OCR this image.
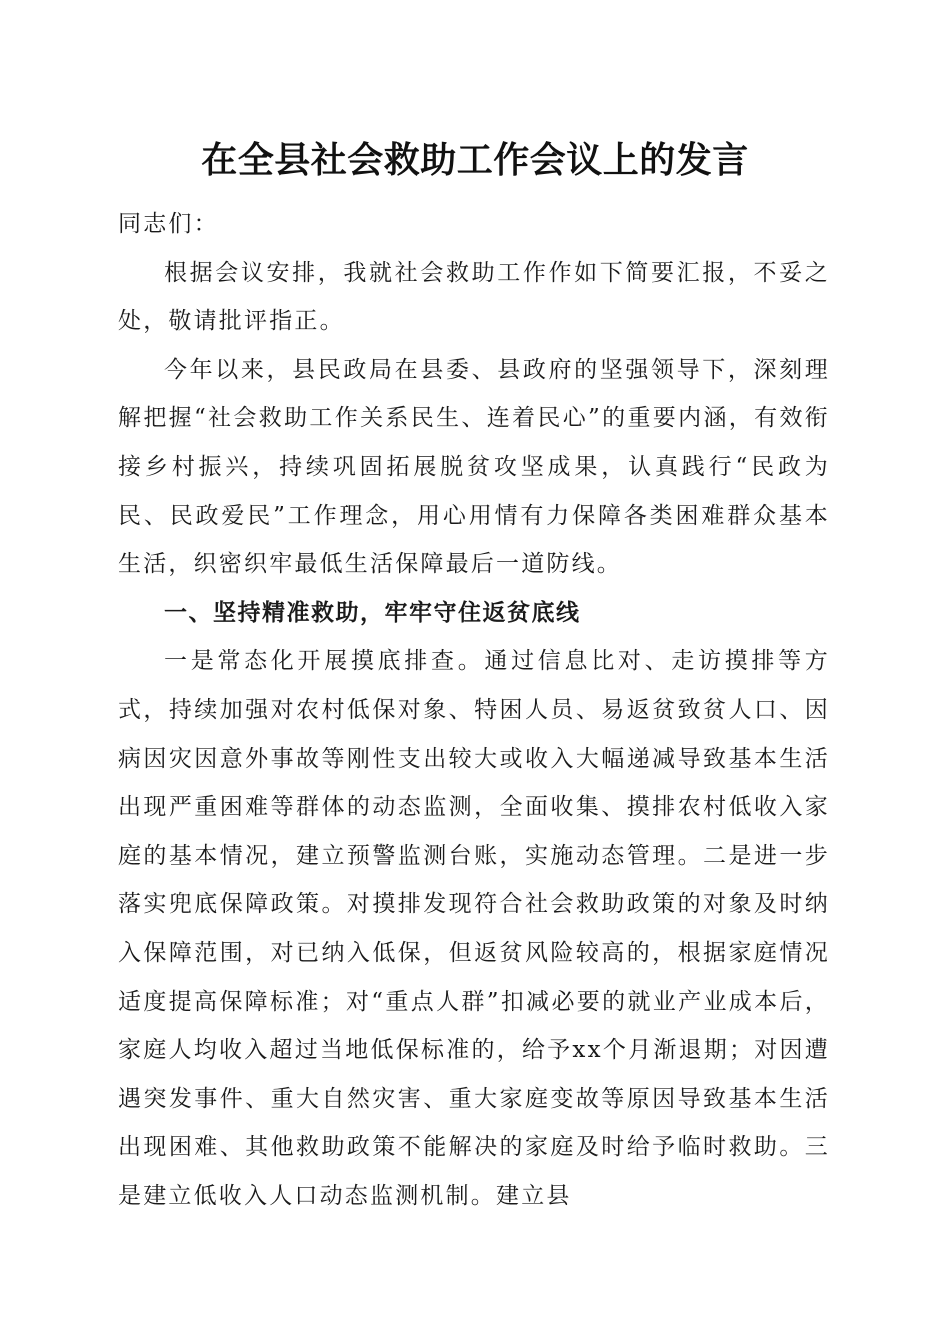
在全县社会救助工作会议上的发言

同志们：

根据会议安排，我就社会救助工作作如下简要汇报，不妥之处，敬请批评指正。

今年以来，县民政局在县委、县政府的坚强领导下，深刻理解把握“社会救助工作关系民生、连着民心”的重要内涵，有效衔接乡村振兴，持续巩固拓展脱贫攻坚成果，认真践行“民政为民、民政爱民”工作理念，用心用情有力保障各类困难群众基本生活，织密织牢最低生活保障最后一道防线。

一、坚持精准救助，牢牢守住返贫底线

一是常态化开展摸底排查。通过信息比对、走访摸排等方式，持续加强对农村低保对象、特困人员、易返贫致贫人口、因病因灾因意外事故等刚性支出较大或收入大幅递减导致基本生活出现严重困难等群体的动态监测，全面收集、摸排农村低收入家庭的基本情况，建立预警监测台账，实施动态管理。二是进一步落实兜底保障政策。对摸排发现符合社会救助政策的对象及时纳入保障范围，对已纳入低保，但返贫风险较高的，根据家庭情况适度提高保障标准；对“重点人群”扣减必要的就业产业成本后，家庭人均收入超过当地低保标准的，给予xx个月渐退期；对因遭遇突发事件、重大自然灾害、重大家庭变故等原因导致基本生活出现困难、其他救助政策不能解决的家庭及时给予临时救助。三是建立低收入人口动态监测机制。建立县
